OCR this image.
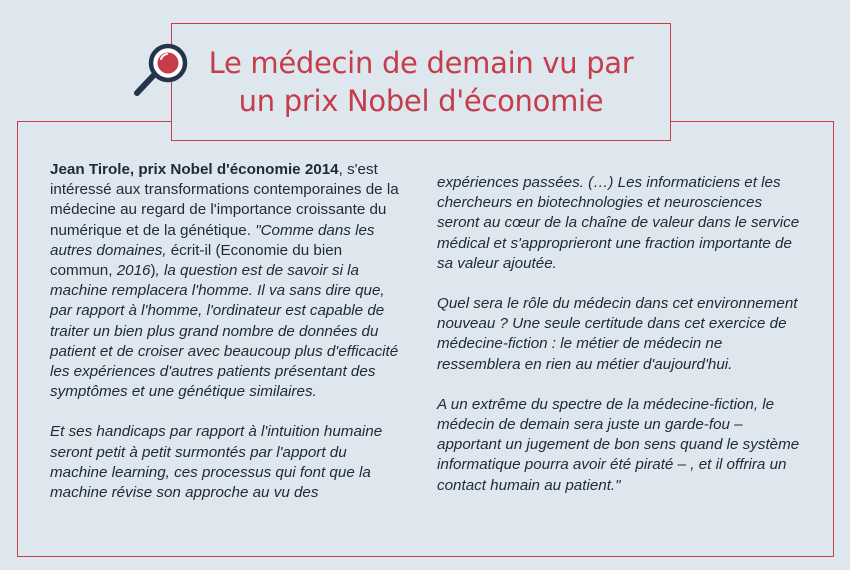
Le médecin de demain vu par
un prix Nobel d'économie

Jean Tirole, prix Nobel d'économie 2014, s'est intéressé aux transformations contemporaines de la médecine au regard de l'importance croissante du numérique et de la génétique. "Comme dans les autres domaines, écrit-il (Economie du bien commun, 2016), la question est de savoir si la machine remplacera l'homme. Il va sans dire que, par rapport à l'homme, l'ordinateur est capable de traiter un bien plus grand nombre de données du patient et de croiser avec beaucoup plus d'efficacité les expériences d'autres patients présentant des symptômes et une génétique similaires.

Et ses handicaps par rapport à l'intuition humaine seront petit à petit surmontés par l'apport du machine learning, ces processus qui font que la machine révise son approche au vu des

expériences passées. (…) Les informaticiens et les chercheurs en biotechnologies et neurosciences seront au cœur de la chaîne de valeur dans le service médical et s'approprieront une fraction importante de sa valeur ajoutée.

Quel sera le rôle du médecin dans cet environnement nouveau ? Une seule certitude dans cet exercice de médecine-fiction : le métier de médecin ne ressemblera en rien au métier d'aujourd'hui.

A un extrême du spectre de la médecine-fiction, le médecin de demain sera juste un garde-fou – apportant un jugement de bon sens quand le système informatique pourra avoir été piraté – , et il offrira un contact humain au patient."
